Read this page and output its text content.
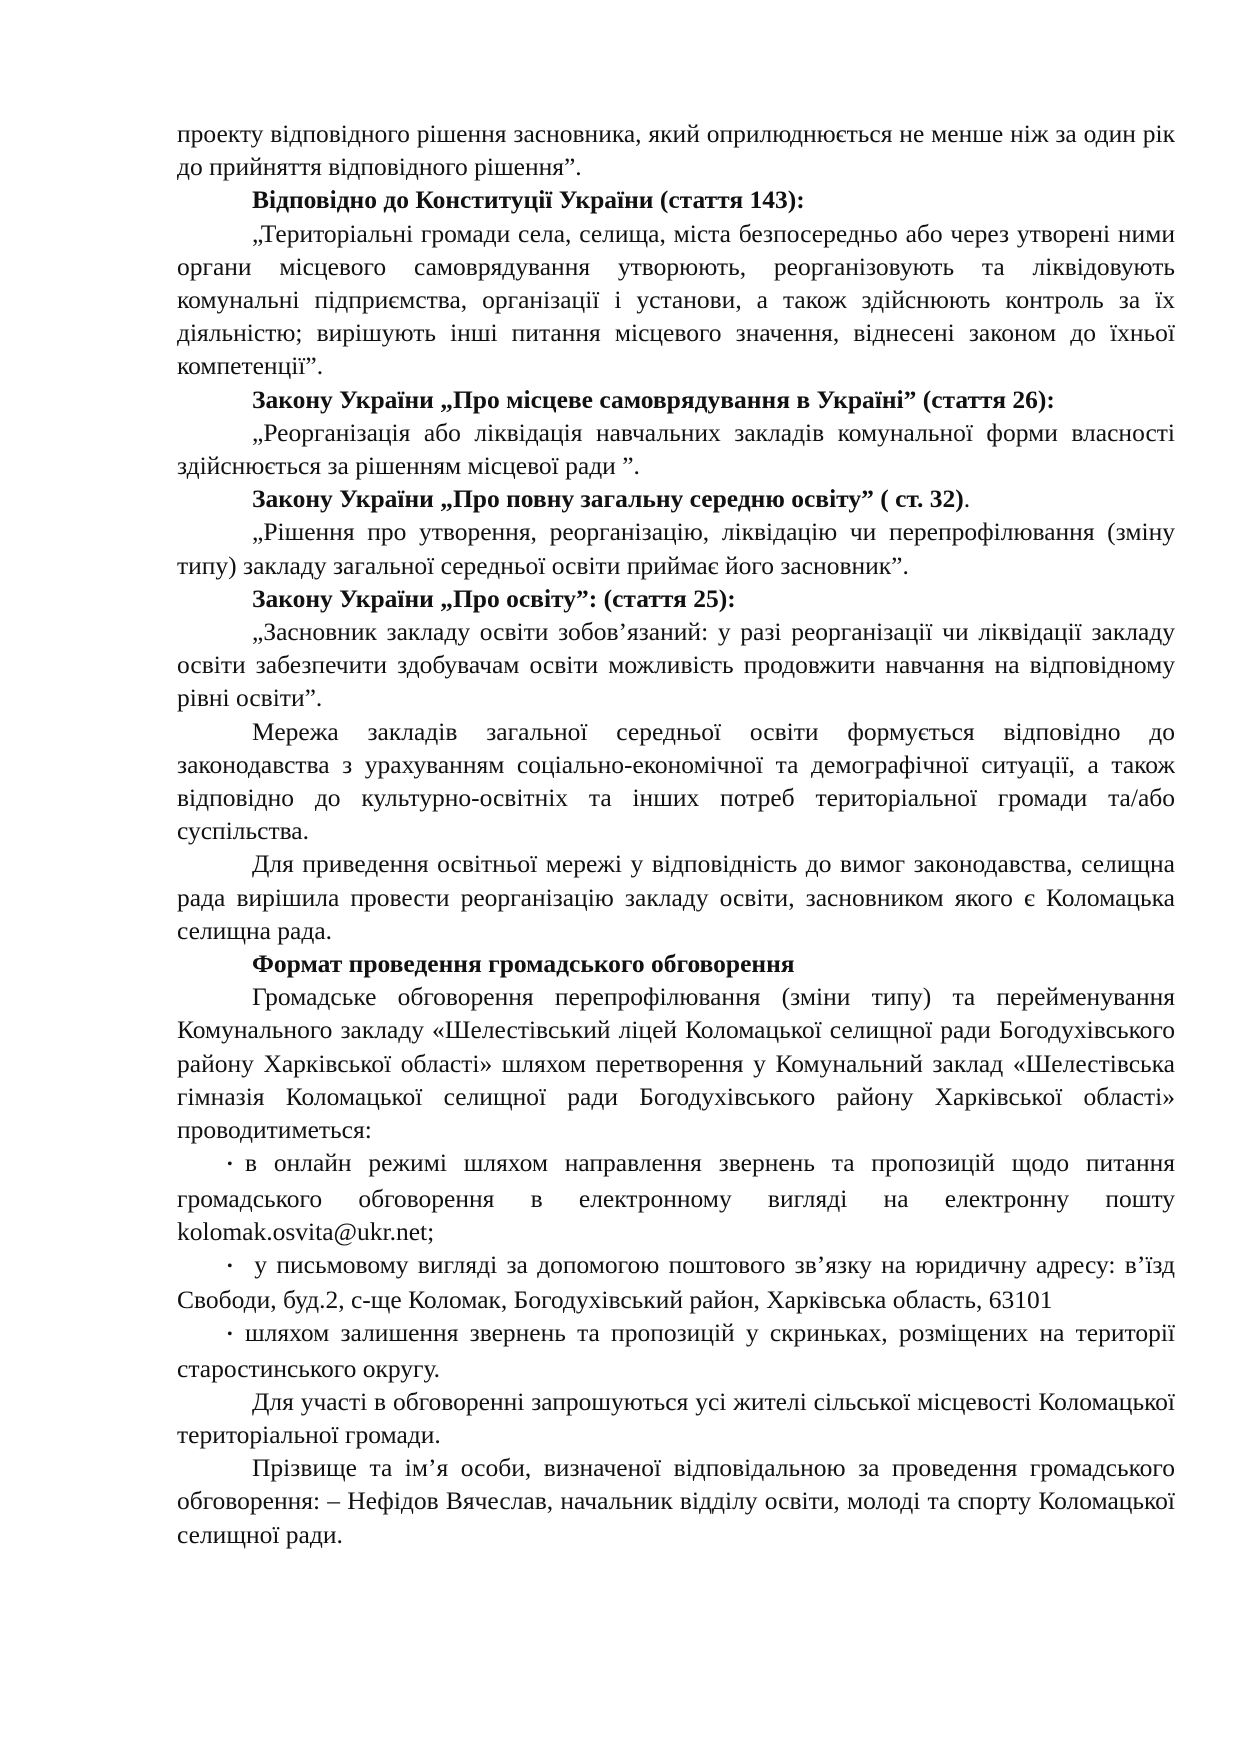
проекту відповідного рішення засновника, який оприлюднюється не менше ніж за один рік до прийняття відповідного рішення”.

Відповідно до Конституції України (стаття 143):

„Територіальні громади села, селища, міста безпосередньо або через утворені ними органи місцевого самоврядування утворюють, реорганізовують та ліквідовують комунальні підприємства, організації і установи, а також здійснюють контроль за їх діяльністю; вирішують інші питання місцевого значення, віднесені законом до їхньої компетенції”.

Закону України „Про місцеве самоврядування в Україні” (стаття 26):

„Реорганізація або ліквідація навчальних закладів комунальної форми власності здійснюється за рішенням місцевої ради ”.

Закону України „Про повну загальну середню освіту” ( ст. 32).

„Рішення про утворення, реорганізацію, ліквідацію чи перепрофілювання (зміну типу) закладу загальної середньої освіти приймає його засновник”.

Закону України „Про освіту”: (стаття 25):

„Засновник закладу освіти зобов’язаний: у разі реорганізації чи ліквідації закладу освіти забезпечити здобувачам освіти можливість продовжити навчання на відповідному рівні освіти”.

Мережа закладів загальної середньої освіти формується відповідно до законодавства з урахуванням соціально-економічної та демографічної ситуації, а також відповідно до культурно-освітніх та інших потреб територіальної громади та/або суспільства.

Для приведення освітньої мережі у відповідність до вимог законодавства, селищна рада вирішила провести реорганізацію закладу освіти, засновником якого є Коломацька селищна рада.

Формат проведення громадського обговорення

Громадське обговорення перепрофілювання (зміни типу) та перейменування Комунального закладу «Шелестівський ліцей Коломацької селищної ради Богодухівського району Харківської області» шляхом перетворення у Комунальний заклад «Шелестівська гімназія Коломацької селищної ради Богодухівського району Харківської області» проводитиметься:

• в онлайн режимі шляхом направлення звернень та пропозицій щодо питання громадського обговорення в електронному вигляді на електронну пошту kolomak.osvita@ukr.net;

• у письмовому вигляді за допомогою поштового зв’язку на юридичну адресу: в’їзд Свободи, буд.2, с-ще Коломак, Богодухівський район, Харківська область, 63101

• шляхом залишення звернень та пропозицій у скриньках, розміщених на території старостинського округу.

Для участі в обговоренні запрошуються усі жителі сільської місцевості Коломацької територіальної громади.

Прізвище та ім’я особи, визначеної відповідальною за проведення громадського обговорення: – Нефідов Вячеслав, начальник відділу освіти, молоді та спорту Коломацької селищної ради.
